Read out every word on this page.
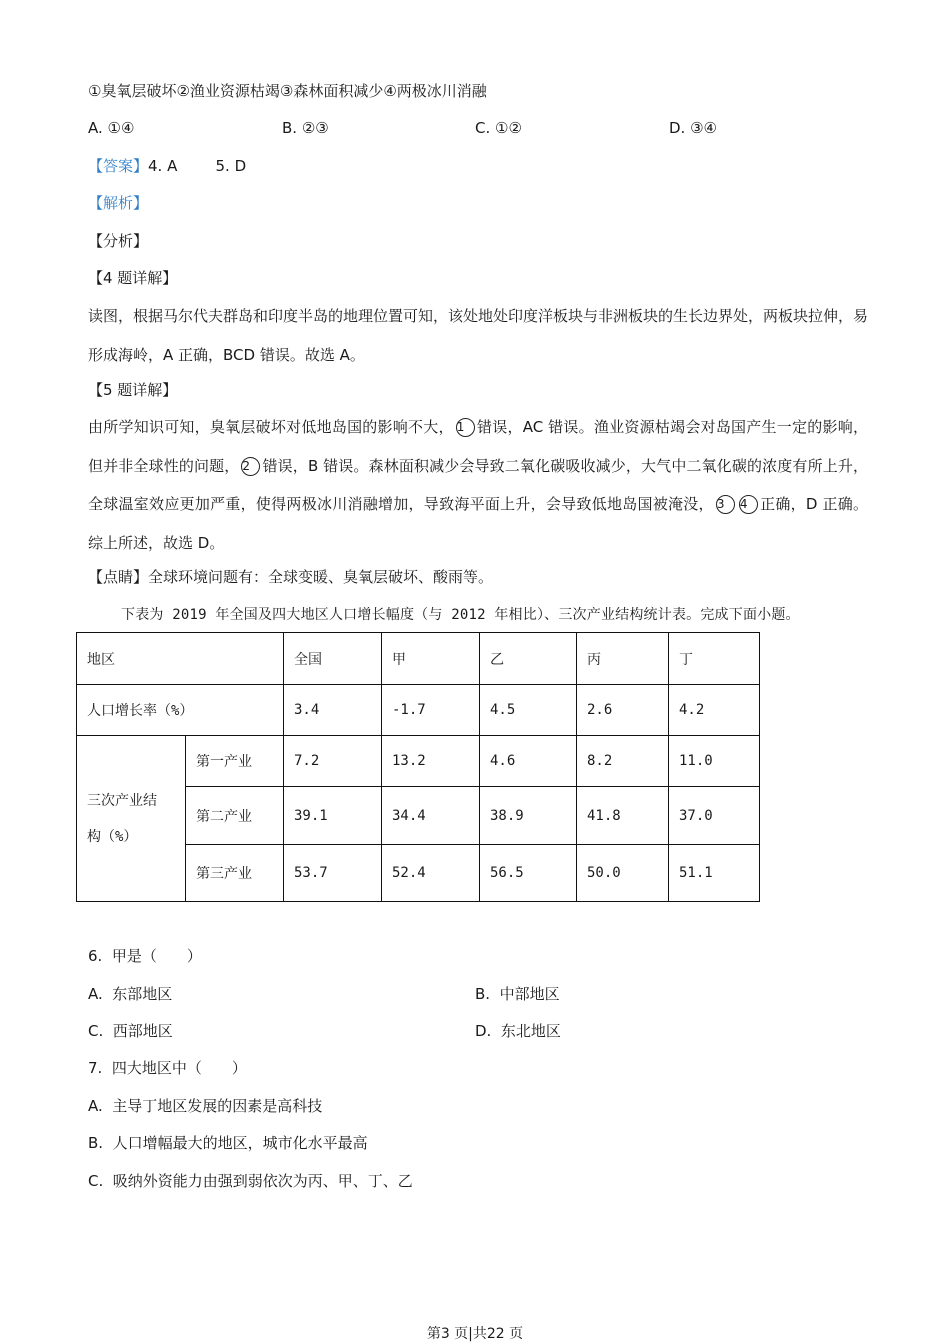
①臭氧层破坏②渔业资源枯竭③森林面积减少④两极冰川消融
A. ①④	B. ②③	C. ①②	D. ③④
【答案】4. A        5. D
【解析】
【分析】
【4 题详解】
读图，根据马尔代夫群岛和印度半岛的地理位置可知，该处地处印度洋板块与非洲板块的生长边界处，两板块拉伸，易形成海岭，A 正确，BCD 错误。故选 A。
【5 题详解】
由所学知识可知，臭氧层破坏对低地岛国的影响不大， 1 错误，AC 错误。渔业资源枯竭会对岛国产生一定的影响，但并非全球性的问题， 2 错误，B 错误。森林面积减少会导致二氧化碳吸收减少，大气中二氧化碳的浓度有所上升，全球温室效应更加严重，使得两极冰川消融增加，导致海平面上升，会导致低地岛国被淹没， 3 4 正确，D 正确。综上所述，故选 D。
【点睛】全球环境问题有：全球变暖、臭氧层破坏、酸雨等。
下表为 2019 年全国及四大地区人口增长幅度（与 2012 年相比）、三次产业结构统计表。完成下面小题。
地区		全国	甲	乙	丙	丁
人口增长率（%）		3.4	-1.7	4.5	2.6	4.2
三次产业结
构（%）	第一产业	7.2	13.2	4.6	8.2	11.0
	第二产业	39.1	34.4	38.9	41.8	37.0
	第三产业	53.7	52.4	56.5	50.0	51.1
6.  甲是（　　）
A.  东部地区	B.  中部地区
C.  西部地区	D.  东北地区
7.  四大地区中（　　）
A.  主导丁地区发展的因素是高科技
B.  人口增幅最大的地区，城市化水平最高
C.  吸纳外资能力由强到弱依次为丙、甲、丁、乙
第3 页|共22 页
